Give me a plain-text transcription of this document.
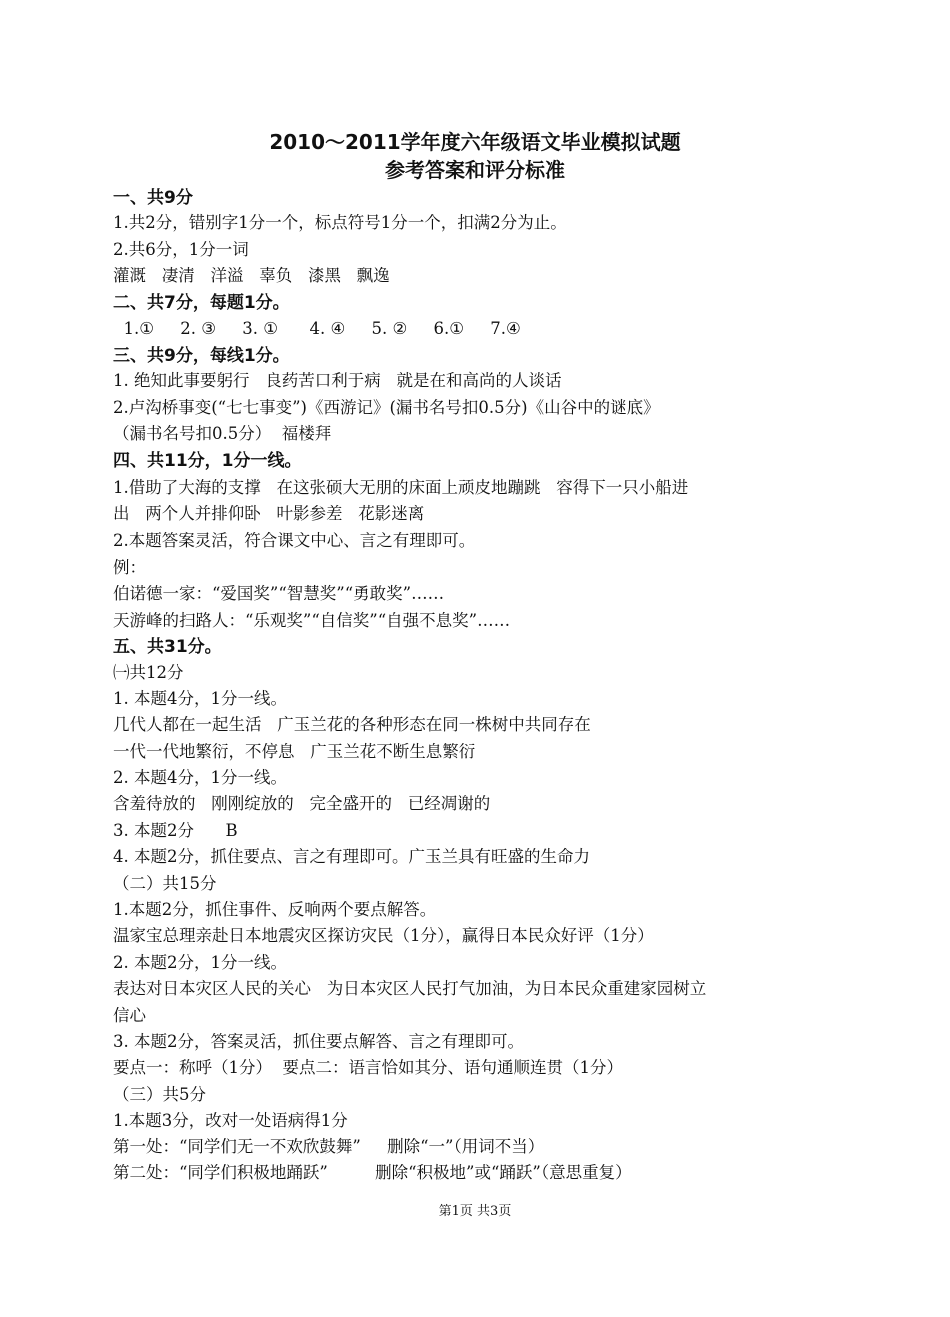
2010～2011学年度六年级语文毕业模拟试题
参考答案和评分标准
一、共9分
1.共2分，错别字1分一个，标点符号1分一个，扣满2分为止。
2.共6分，1分一词
灌溉   凄清   洋溢   辜负   漆黑   飘逸
二、共7分，每题1分。
1.①     2. ③     3. ①      4. ④     5. ②     6.①     7.④
三、共9分，每线1分。
1. 绝知此事要躬行   良药苦口利于病   就是在和高尚的人谈话
2.卢沟桥事变(“七七事变”)《西游记》(漏书名号扣0.5分)《山谷中的谜底》
（漏书名号扣0.5分）  福楼拜
四、共11分，1分一线。
1.借助了大海的支撑   在这张硕大无朋的床面上顽皮地蹦跳   容得下一只小船进
出   两个人并排仰卧   叶影参差   花影迷离
2.本题答案灵活，符合课文中心、言之有理即可。
例：
伯诺德一家：“爱国奖”“智慧奖”“勇敢奖”……
天游峰的扫路人：“乐观奖”“自信奖”“自强不息奖”……
五、共31分。
㈠共12分
1. 本题4分，1分一线。
几代人都在一起生活   广玉兰花的各种形态在同一株树中共同存在
一代一代地繁衍，不停息   广玉兰花不断生息繁衍
2. 本题4分，1分一线。
含羞待放的   刚刚绽放的   完全盛开的   已经凋谢的
3. 本题2分      B
4. 本题2分，抓住要点、言之有理即可。广玉兰具有旺盛的生命力
（二）共15分
1.本题2分，抓住事件、反响两个要点解答。
温家宝总理亲赴日本地震灾区探访灾民（1分），赢得日本民众好评（1分）
2. 本题2分，1分一线。
表达对日本灾区人民的关心   为日本灾区人民打气加油，为日本民众重建家园树立
信心
3. 本题2分，答案灵活，抓住要点解答、言之有理即可。
要点一：称呼（1分）  要点二：语言恰如其分、语句通顺连贯（1分）
（三）共5分
1.本题3分，改对一处语病得1分
第一处：“同学们无一不欢欣鼓舞”     删除“一”（用词不当）
第二处：“同学们积极地踊跃”         删除“积极地”或“踊跃”（意思重复）
第1页 共3页
